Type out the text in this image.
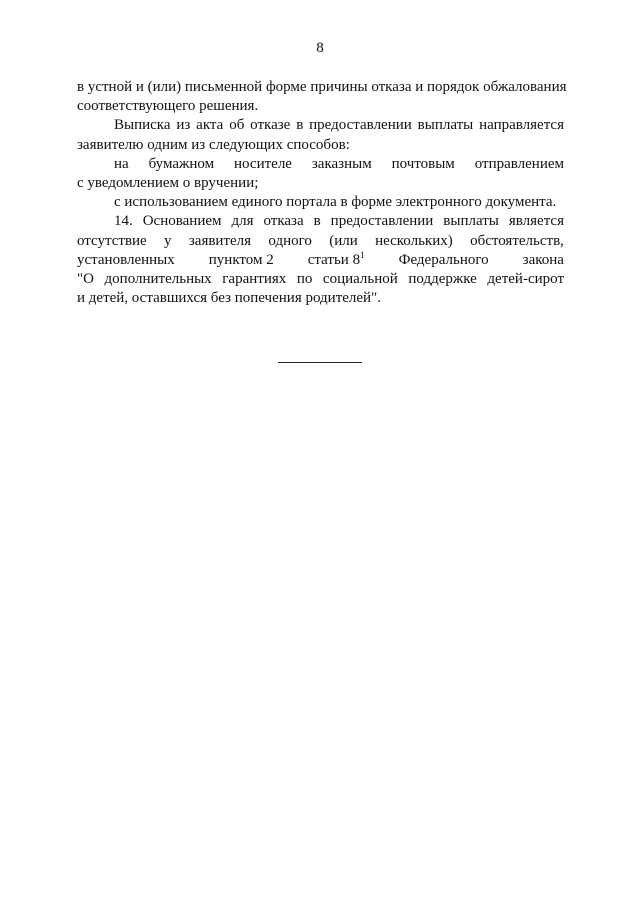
8
в устной и (или) письменной форме причины отказа и порядок обжалования
соответствующего решения.
Выписка из акта об отказе в предоставлении выплаты направляется
заявителю одним из следующих способов:
на бумажном носителе заказным почтовым отправлением
с уведомлением о вручении;
с использованием единого портала в форме электронного документа.
14. Основанием для отказа в предоставлении выплаты является
отсутствие у заявителя одного (или нескольких) обстоятельств,
установленных пунктом 2 статьи $8^1$ Федерального закона
"О дополнительных гарантиях по социальной поддержке детей-сирот
и детей, оставшихся без попечения родителей".
